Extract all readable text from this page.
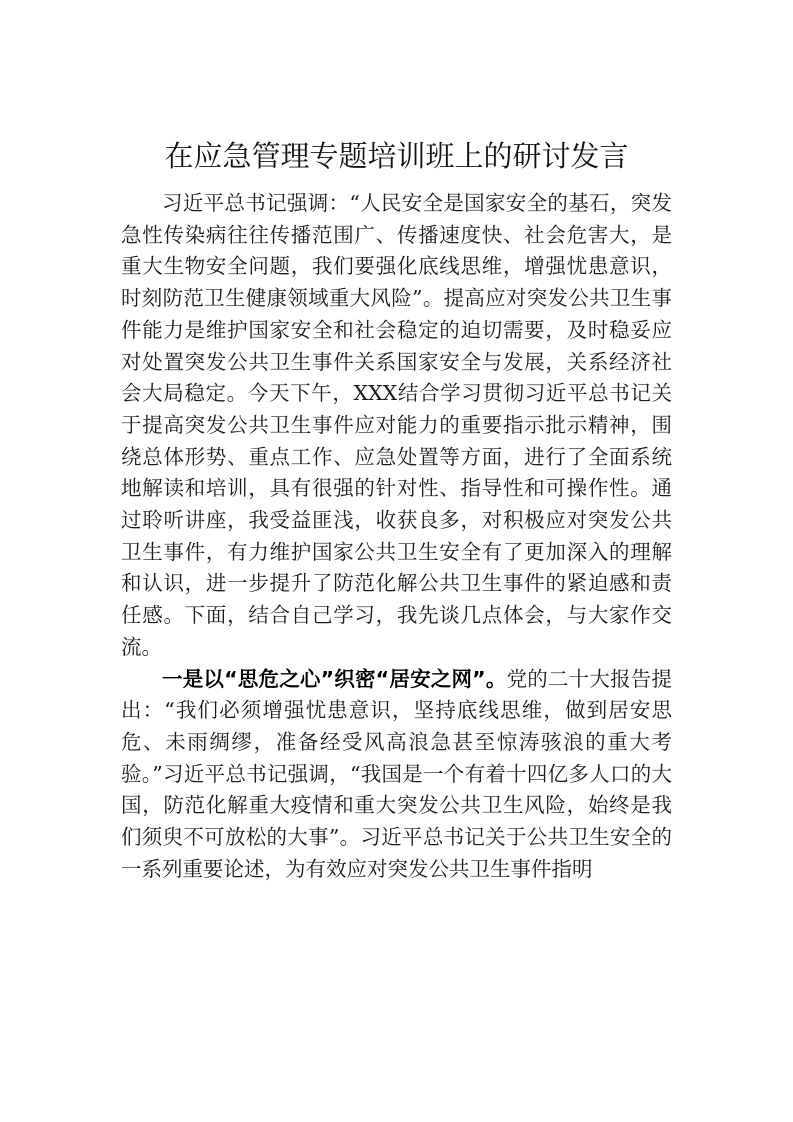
在应急管理专题培训班上的研讨发言

习近平总书记强调：“人民安全是国家安全的基石，突发急性传染病往往传播范围广、传播速度快、社会危害大，是重大生物安全问题，我们要强化底线思维，增强忧患意识，时刻防范卫生健康领域重大风险”。提高应对突发公共卫生事件能力是维护国家安全和社会稳定的迫切需要，及时稳妥应对处置突发公共卫生事件关系国家安全与发展，关系经济社会大局稳定。今天下午，XXX结合学习贯彻习近平总书记关于提高突发公共卫生事件应对能力的重要指示批示精神，围绕总体形势、重点工作、应急处置等方面，进行了全面系统地解读和培训，具有很强的针对性、指导性和可操作性。通过聆听讲座，我受益匪浅，收获良多，对积极应对突发公共卫生事件，有力维护国家公共卫生安全有了更加深入的理解和认识，进一步提升了防范化解公共卫生事件的紧迫感和责任感。下面，结合自己学习，我先谈几点体会，与大家作交流。

一是以“思危之心”织密“居安之网”。党的二十大报告提出：“我们必须增强忧患意识，坚持底线思维，做到居安思危、未雨绸缪，准备经受风高浪急甚至惊涛骇浪的重大考验。”习近平总书记强调，“我国是一个有着十四亿多人口的大国，防范化解重大疫情和重大突发公共卫生风险，始终是我们须臾不可放松的大事”。习近平总书记关于公共卫生安全的一系列重要论述，为有效应对突发公共卫生事件指明
